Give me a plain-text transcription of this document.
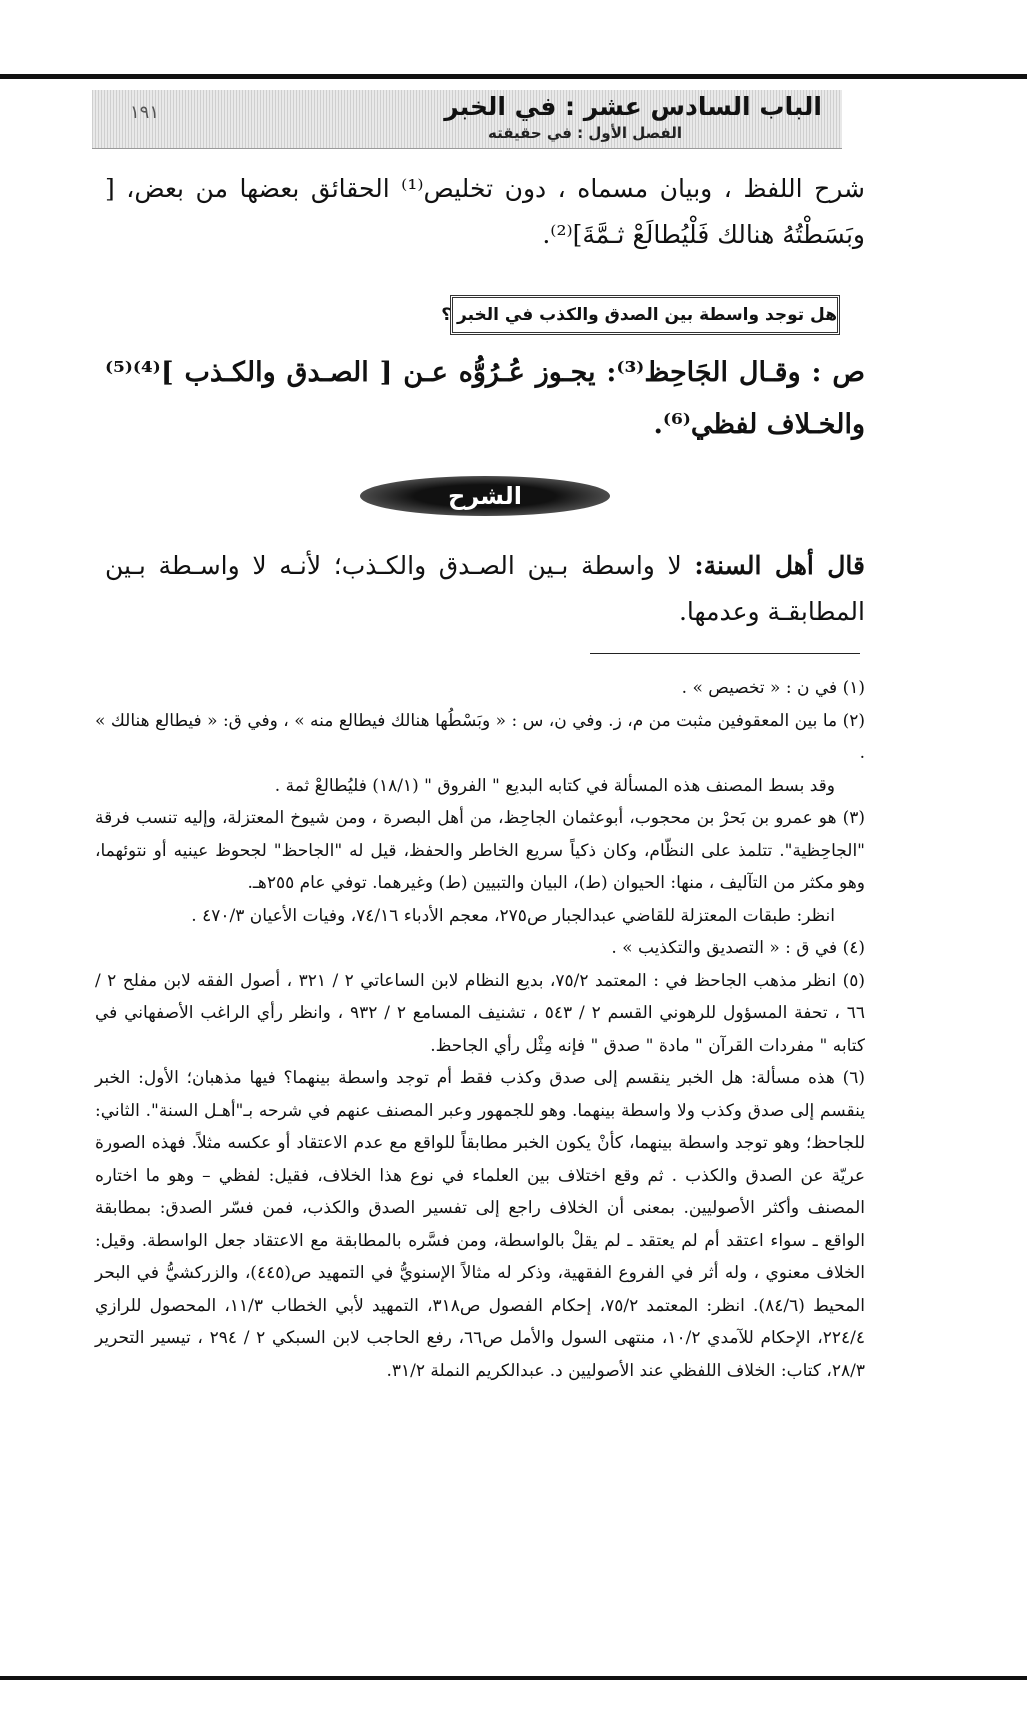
١٩١	الباب السادس عشر : في الخبر
الفصل الأول : في حقيقته
شرح اللفظ ، وبيان مسماه ، دون تخليص⁽¹⁾ الحقائق بعضها من بعض، [ وبَسَطْتُهُ هنالك فَلْيُطالَعْ ثـمَّةَ]⁽²⁾.
هل توجد واسطة بين الصدق والكذب في الخبر ؟
ص : وقـال الجَاحِظ⁽³⁾: يجـوز عُـرُوُّه عـن [ الصـدق والكـذب ]⁽⁴⁾⁽⁵⁾ والخـلاف لفظي⁽⁶⁾.
الشرح
قال أهل السنة: لا واسطة بـين الصـدق والكـذب؛ لأنـه لا واسـطة بـين المطابقـة وعدمها.

(١) في ن : « تخصيص » .

(٢) ما بين المعقوفين مثبت من م، ز. وفي ن، س : « وبَسْطُها هنالك فيطالع منه » ، وفي ق: « فيطالع هنالك » .

وقد بسط المصنف هذه المسألة في كتابه البديع " الفروق " (١٨/١) فليُطالعْ ثمة .

(٣) هو عمرو بن بَحرْ بن محجوب، أبوعثمان الجاحِظ، من أهل البصرة ، ومن شيوخ المعتزلة، وإليه تنسب فرقة "الجاحِظية". تتلمذ على النظّام، وكان ذكياً سريع الخاطر والحفظ، قيل له "الجاحظ" لجحوظ عينيه أو نتوئهما، وهو مكثر من التآليف ، منها: الحيوان (ط)، البيان والتبيين (ط) وغيرهما. توفي عام ٢٥٥هـ.

انظر: طبقات المعتزلة للقاضي عبدالجبار ص٢٧٥، معجم الأدباء ٧٤/١٦، وفيات الأعيان ٤٧٠/٣ .

(٤) في ق : « التصديق والتكذيب » .

(٥) انظر مذهب الجاحظ في : المعتمد ٧٥/٢، بديع النظام لابن الساعاتي ٢ / ٣٢١ ، أصول الفقه لابن مفلح ٢ / ٦٦ ، تحفة المسؤول للرهوني القسم ٢ / ٥٤٣ ، تشنيف المسامع ٢ / ٩٣٢ ، وانظر رأي الراغب الأصفهاني في كتابه " مفردات القرآن " مادة " صدق " فإنه مِثْل رأي الجاحظ.

(٦) هذه مسألة: هل الخبر ينقسم إلى صدق وكذب فقط أم توجد واسطة بينهما؟ فيها مذهبان؛ الأول: الخبر ينقسم إلى صدق وكذب ولا واسطة بينهما. وهو للجمهور وعبر المصنف عنهم في شرحه بـ"أهـل السنة". الثاني: للجاحظ؛ وهو توجد واسطة بينهما، كأنْ يكون الخبر مطابقاً للواقع مع عدم الاعتقاد أو عكسه مثلاً. فهذه الصورة عريّة عن الصدق والكذب . ثم وقع اختلاف بين العلماء في نوع هذا الخلاف، فقيل: لفظي – وهو ما اختاره المصنف وأكثر الأصوليين. بمعنى أن الخلاف راجع إلى تفسير الصدق والكذب، فمن فسّر الصدق: بمطابقة الواقع ـ سواء اعتقد أم لم يعتقد ـ لم يقلْ بالواسطة، ومن فسَّره بالمطابقة مع الاعتقاد جعل الواسطة. وقيل: الخلاف معنوي ، وله أثر في الفروع الفقهية، وذكر له مثالاً الإسنويُّ في التمهيد ص(٤٤٥)، والزركشيُّ في البحر المحيط (٨٤/٦). انظر: المعتمد ٧٥/٢، إحكام الفصول ص٣١٨، التمهيد لأبي الخطاب ١١/٣، المحصول للرازي ٢٢٤/٤، الإحكام للآمدي ١٠/٢، منتهى السول والأمل ص٦٦، رفع الحاجب لابن السبكي ٢ / ٢٩٤ ، تيسير التحرير ٢٨/٣، كتاب: الخلاف اللفظي عند الأصوليين د. عبدالكريم النملة ٣١/٢.
